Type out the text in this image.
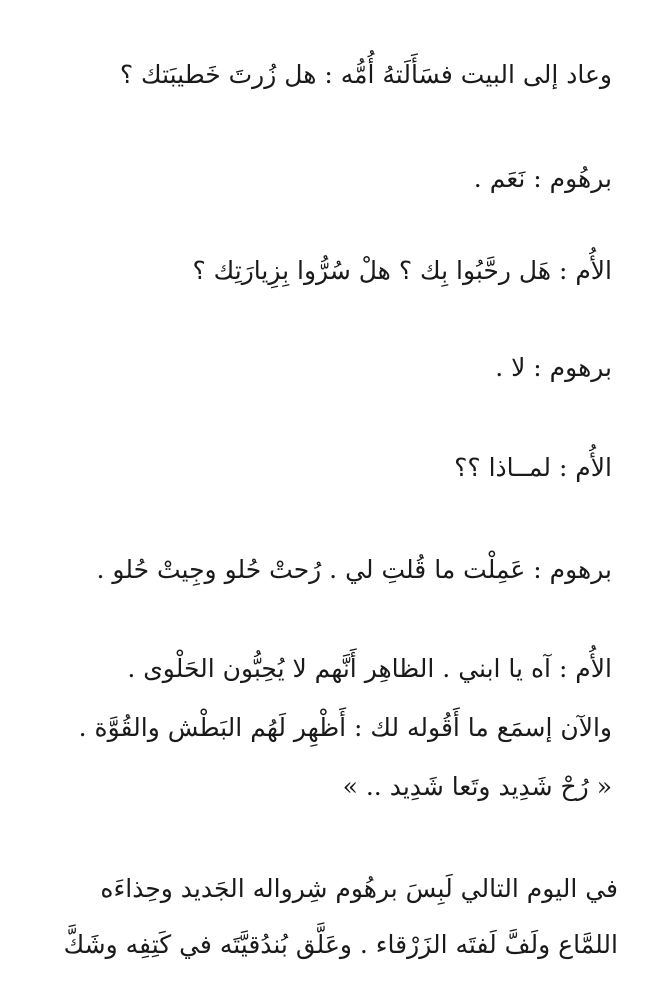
وعاد إلى البيت فسَأَلَتهُ أُمُّه : هل زُرتَ خَطيبَتك ؟
برهُوم : نَعَم .
الأُم : هَل رحَّبُوا بِك ؟ هلْ سُرُّوا بِزِيارَتِك ؟
برهوم : لا .
الأُم : لمــاذا ؟؟
برهوم : عَمِلْت ما قُلتِ لي . رُحتْ حُلو وجِيتْ حُلو .
الأُم : آه يا ابني . الظاهِر أَنَّهم لا يُحِبُّون الحَلْوى .
والآن إسمَع ما أَقُوله لك : أَظْهِر لَهُم البَطْش والقُوَّة .
« رُحْ شَدِيد وتَعا شَدِيد .. »
في اليوم التالي لَبِسَ برهُوم شِرواله الجَديد وحِذاءَه
اللمَّاع ولَفَّ لَفتَه الزَرْقاء . وعَلَّق بُندُقيَّتَه في كَتِفِه وشَكَّ
